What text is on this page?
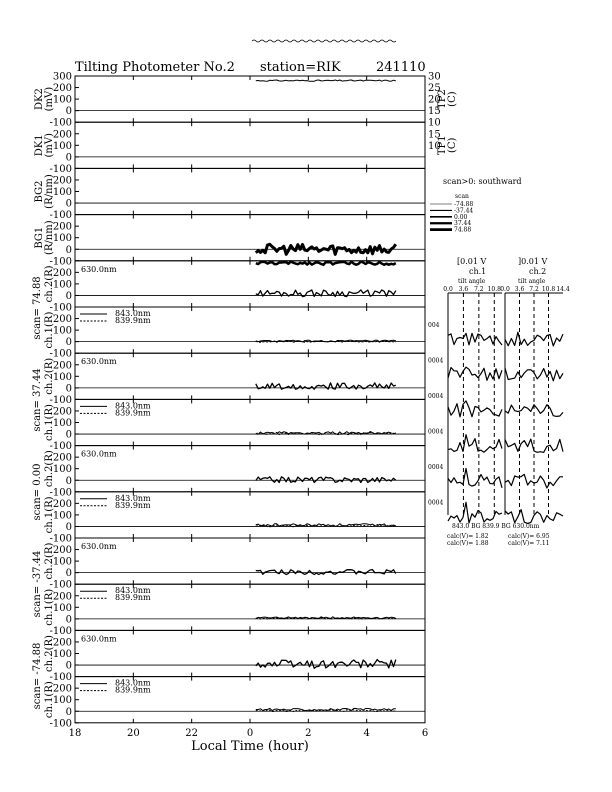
Tilting Photometer No.2 station=RIK	241110
300
200
100
0
-100
DK2(mV)
200
100
0
-100
DK1(mV)
200
100
0
-100
BG2(R/nm)
200
100
0
-100
BG1(R/nm)
200
100
0
-100
ch.2(R)	630.0nm
200
100
0
-100
ch.1(R)	843.0nm
839.9nm
200
100
0
-100
ch.2(R)	630.0nm
200
100
0
-100
ch.1(R)	843.0nm
839.9nm
200
100
0
-100
ch.2(R)	630.0nm
200
100
0
-100
ch.1(R)	843.0nm
839.9nm
200
100
0
-100
ch.2(R)	630.0nm
200
100
0
-100
ch.1(R)	843.0nm
839.9nm
200
100
0
-100
ch.2(R)	630.0nm
200
100
0
-100
ch.1(R)	843.0nm
839.9nm
30
25
20
15
10
15
10
TP2(C)
TP1(C)
18	20	22	0	2	4	6
Local Time (hour)
scan= 74.88
scan= 37.44
scan= 0.00
scan= -37.44
scan= -74.88
scan>0: southward
scan
-74.88
-37.44
0.00
37.44
74.88
[0.01 V
ch.1
]0.01 V
ch.2
tilt angle	tilt angle
0.0 3.6 7.2 10.8 0.0 3.6 7.2 10.8 14.4
004
0004
0004
0004
0004
0004
843.0 BG 839.9 BG 630.0nm
calc(V)= 1.82
calc(V)= 1.88
calc(V)= 6.95
calc(V)= 7.11
